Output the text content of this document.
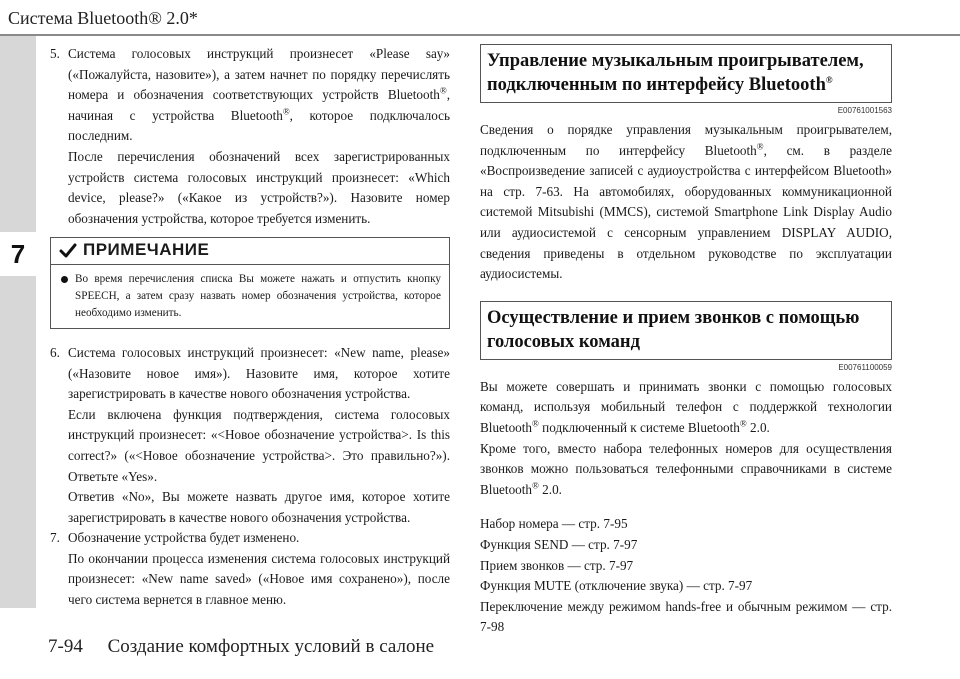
Система Bluetooth® 2.0*
7
5. Система голосовых инструкций произнесет «Please say» («Пожалуйста, назовите»), а затем начнет по порядку перечислять номера и обозначения соответствующих устройств Bluetooth®, начиная с устройства Bluetooth®, которое подключалось последним.

После перечисления обозначений всех зарегистрированных устройств система голосовых инструкций произнесет: «Which device, please?» («Какое из устройств?»). Назовите номер обозначения устройства, которое требуется изменить.

ПРИМЕЧАНИЕ
Во время перечисления списка Вы можете нажать и отпустить кнопку SPEECH, а затем сразу назвать номер обозначения устройства, которое необходимо изменить.
6. Система голосовых инструкций произнесет: «New name, please» («Назовите новое имя»). Назовите имя, которое хотите зарегистрировать в качестве нового обозначения устройства.

Если включена функция подтверждения, система голосовых инструкций произнесет: «<Новое обозначение устройства>. Is this correct?» («<Новое обозначение устройства>. Это правильно?»). Ответьте «Yes».

Ответив «No», Вы можете назвать другое имя, которое хотите зарегистрировать в качестве нового обозначения устройства.

7. Обозначение устройства будет изменено.

По окончании процесса изменения система голосовых инструкций произнесет: «New name saved» («Новое имя сохранено»), после чего система вернется в главное меню.

Управление музыкальным проигрывателем, подключенным по интерфейсу Bluetooth®
E00761001563

Сведения о порядке управления музыкальным проигрывателем, подключенным по интерфейсу Bluetooth®, см. в разделе «Воспроизведение записей с аудиоустройства с интерфейсом Bluetooth» на стр. 7-63. На автомобилях, оборудованных коммуникационной системой Mitsubishi (MMCS), системой Smartphone Link Display Audio или аудиосистемой с сенсорным управлением DISPLAY AUDIO, сведения приведены в отдельном руководстве по эксплуатации аудиосистемы.

Осуществление и прием звонков с помощью голосовых команд
E00761100059

Вы можете совершать и принимать звонки с помощью голосовых команд, используя мобильный телефон с поддержкой технологии Bluetooth® подключенный к системе Bluetooth® 2.0.

Кроме того, вместо набора телефонных номеров для осуществления звонков можно пользоваться телефонными справочниками в системе Bluetooth® 2.0.

Набор номера — стр. 7-95
Функция SEND — стр. 7-97
Прием звонков — стр. 7-97
Функция MUTE (отключение звука) — стр. 7-97
Переключение между режимом hands-free и обычным режимом — стр. 7-98
7-94 Создание комфортных условий в салоне
